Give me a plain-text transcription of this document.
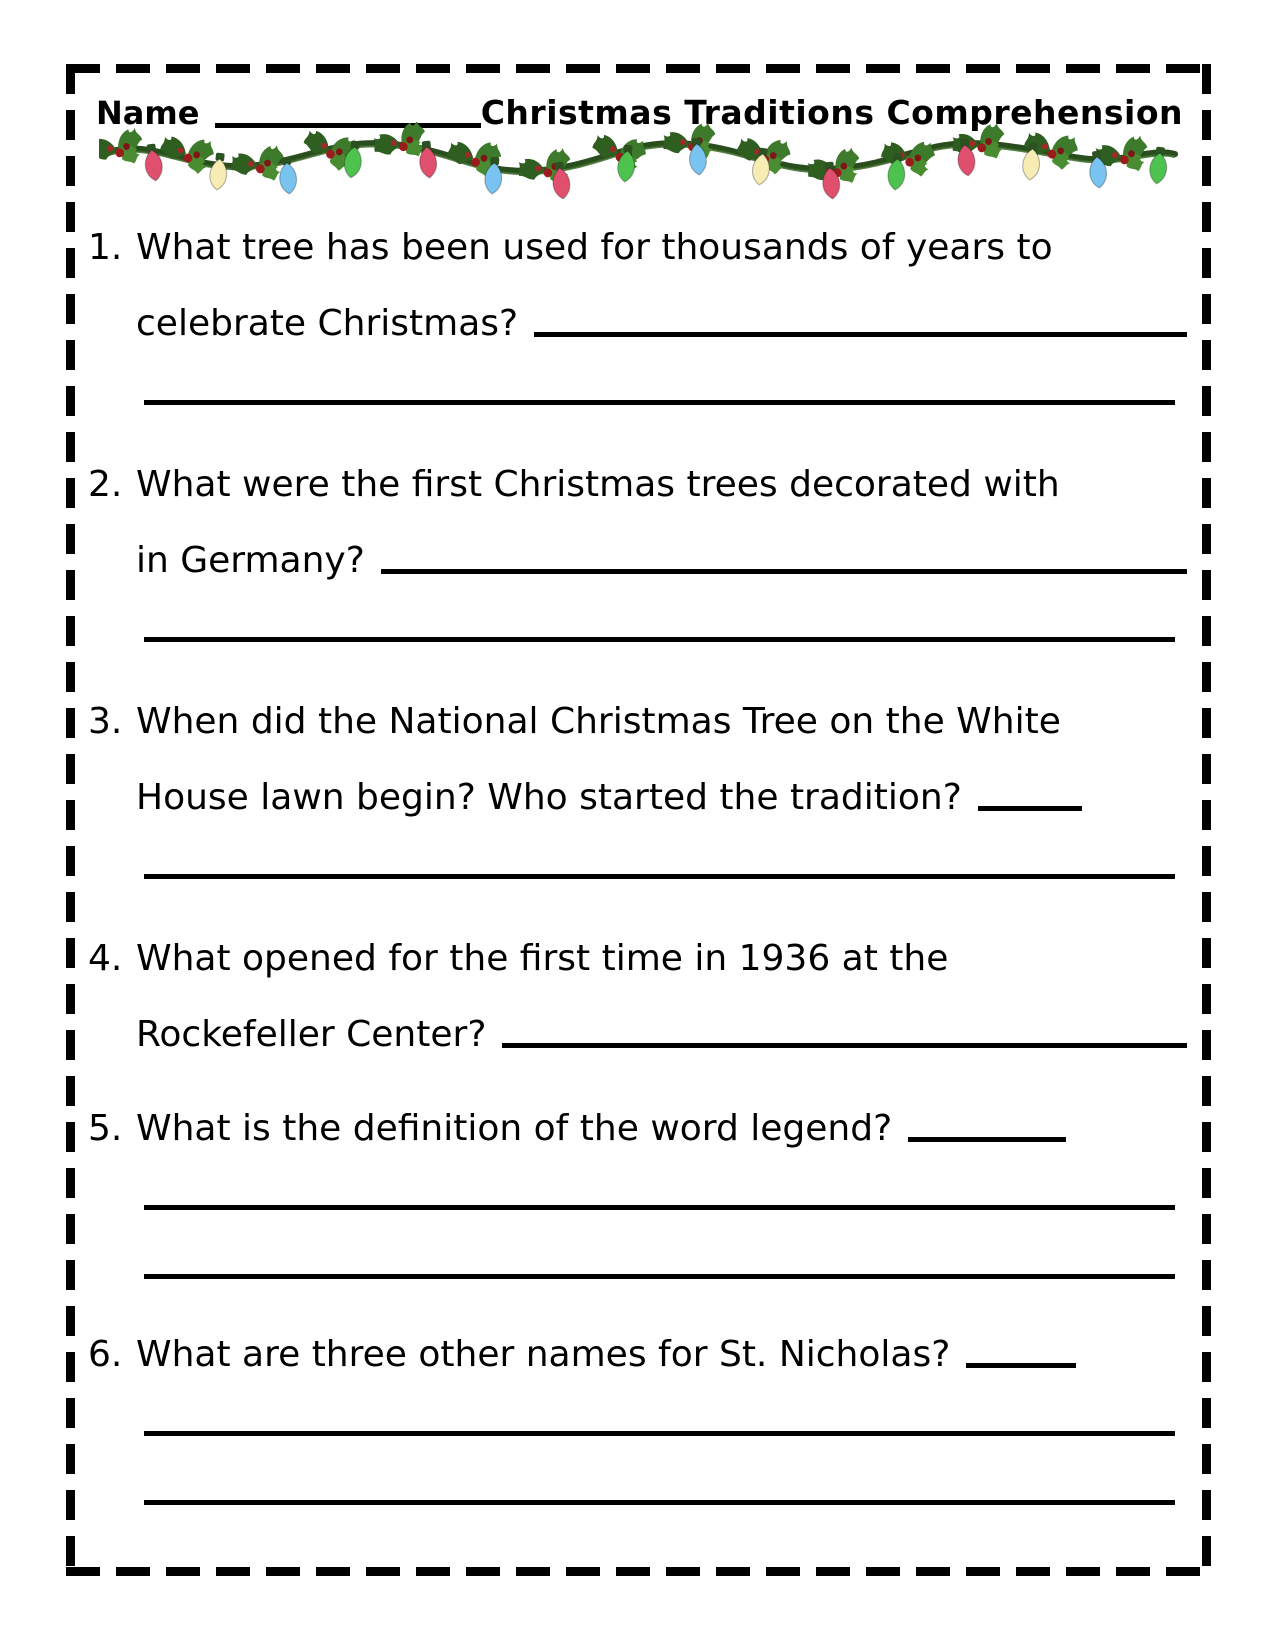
Name	Christmas Traditions Comprehension
1. What tree has been used for thousands of years to
celebrate Christmas?
2. What were the first Christmas trees decorated with
in Germany?
3. When did the National Christmas Tree on the White
House lawn begin? Who started the tradition?
4. What opened for the first time in 1936 at the
Rockefeller Center?
5. What is the definition of the word legend?
6. What are three other names for St. Nicholas?
